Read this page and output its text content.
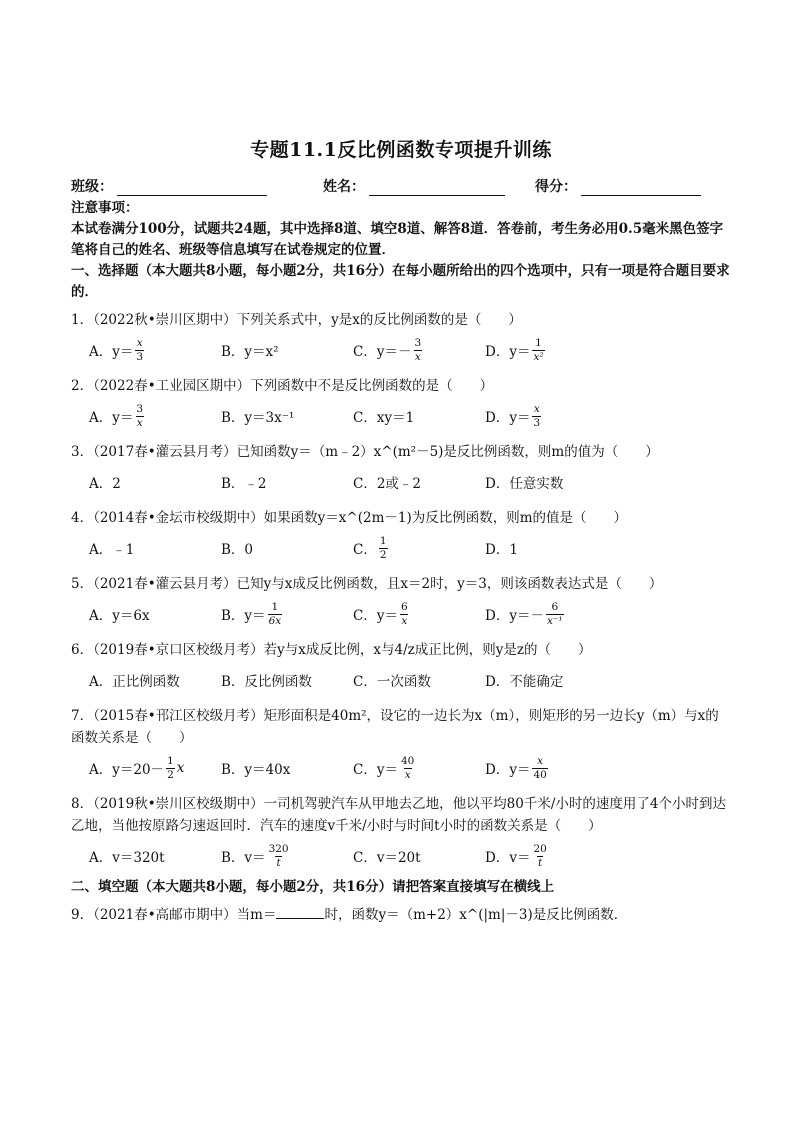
专题11.1反比例函数专项提升训练
班级：	姓名：	得分：
注意事项：
本试卷满分100分，试题共24题，其中选择8道、填空8道、解答8道．答卷前，考生务必用0.5毫米黑色签字笔将自己的姓名、班级等信息填写在试卷规定的位置．
一、选择题（本大题共8小题，每小题2分，共16分）在每小题所给出的四个选项中，只有一项是符合题目要求的．
1．（2022秋•崇川区期中）下列关系式中，y是x的反比例函数的是（　　）
A．$y= \frac{x}{3}$	B．y＝x²	C．$y=- \frac{3}{x}$	D．$y= \frac{1}{\text{x²}}$
2．（2022春•工业园区期中）下列函数中不是反比例函数的是（　　）
A．$y= \frac{3}{x}$	B．y＝3x⁻¹	C．xy＝1	D．$y= \frac{x}{3}$
3．（2017春•灌云县月考）已知函数y＝（m﹣2）x^(m²－5)是反比例函数，则m的值为（　　）
A．2	B．﹣2	C．2或﹣2	D．任意实数
4．（2014春•金坛市校级期中）如果函数y＝x^(2m－1)为反比例函数，则m的值是（　　）
A．﹣1	B．0	C． $\frac{1}{2}$	D．1
5．（2021春•灌云县月考）已知y与x成反比例函数，且x＝2时，y＝3，则该函数表达式是（　　）
A．y＝6x	B．$y= \frac{1}{6x}$	C．$y= \frac{6}{x}$	D．$y=- \frac{6}{\text{x⁻¹}}$
6．（2019春•京口区校级月考）若y与x成反比例，x与4/z成正比例，则y是z的（　　）
A．正比例函数	B．反比例函数	C．一次函数	D．不能确定
7．（2015春•邗江区校级月考）矩形面积是40m²，设它的一边长为x（m），则矩形的另一边长y（m）与x的函数关系是（　　）
A．$y=20- \frac{1}{2}$ x	B．y＝40x	C．$y= \frac{40}{x}$	D．$y= \frac{x}{40}$
8．（2019秋•崇川区校级期中）一司机驾驶汽车从甲地去乙地，他以平均80千米/小时的速度用了4个小时到达乙地，当他按原路匀速返回时．汽车的速度v千米/小时与时间t小时的函数关系是（　　）
A．v＝320t	B．$v= \frac{320}{t}$	C．v＝20t	D．$v= \frac{20}{t}$
二、填空题（本大题共8小题，每小题2分，共16分）请把答案直接填写在横线上
9．（2021春•高邮市期中）当m＝	时，函数y＝（m+2）x^(|m|－3)是反比例函数．
